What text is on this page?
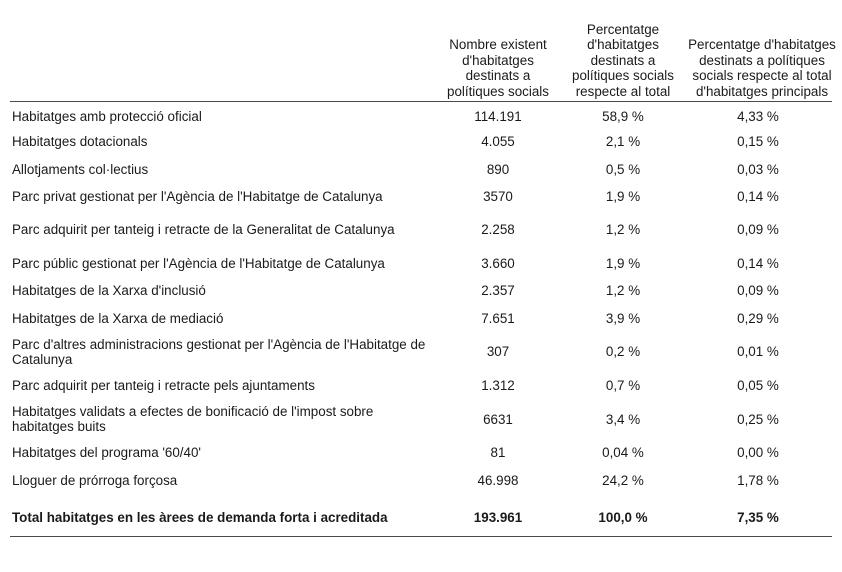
	Nombre existent d'habitatges destinats a polítiques socials	Percentatge d'habitatges destinats a polítiques socials respecte al total	Percentatge d'habitatges destinats a polítiques socials respecte al total d'habitatges principals

Habitatges amb protecció oficial	114.191	58,9 %	4,33 %
Habitatges dotacionals	4.055	2,1 %	0,15 %
Allotjaments col·lectius	890	0,5 %	0,03 %
Parc privat gestionat per l'Agència de l'Habitatge de Catalunya	3570	1,9 %	0,14 %
Parc adquirit per tanteig i retracte de la Generalitat de Catalunya	2.258	1,2 %	0,09 %
Parc públic gestionat per l'Agència de l'Habitatge de Catalunya	3.660	1,9 %	0,14 %
Habitatges de la Xarxa d'inclusió	2.357	1,2 %	0,09 %
Habitatges de la Xarxa de mediació	7.651	3,9 %	0,29 %
Parc d'altres administracions gestionat per l'Agència de l'Habitatge de Catalunya	307	0,2 %	0,01 %
Parc adquirit per tanteig i retracte pels ajuntaments	1.312	0,7 %	0,05 %
Habitatges validats a efectes de bonificació de l'impost sobre habitatges buits	6631	3,4 %	0,25 %
Habitatges del programa '60/40'	81	0,04 %	0,00 %
Lloguer de prórroga forçosa	46.998	24,2 %	1,78 %

Total habitatges en les àrees de demanda forta i acreditada	193.961	100,0 %	7,35 %
